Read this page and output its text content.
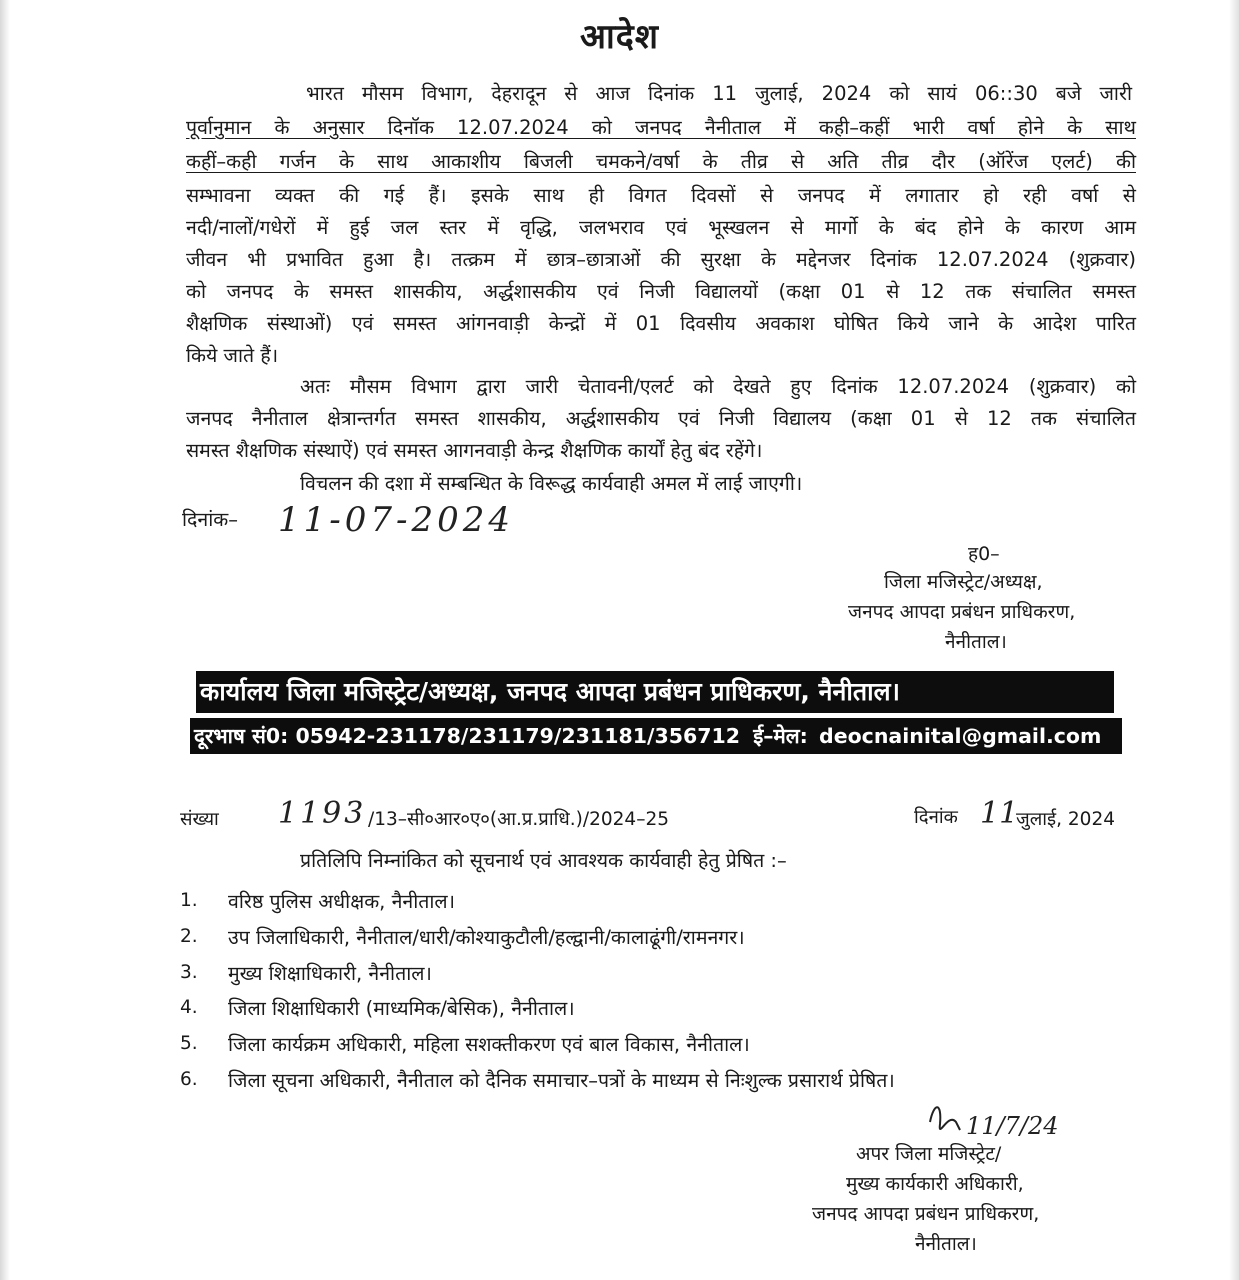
आदेश
भारत मौसम विभाग, देहरादून से आज दिनांक 11 जुलाई, 2024 को सायं 06::30 बजे जारी
पूर्वानुमान के अनुसार दिनॉक 12.07.2024 को जनपद नैनीताल में कही–कहीं भारी वर्षा होने के साथ
कहीं–कही गर्जन के साथ आकाशीय बिजली चमकने/वर्षा के तीव्र से अति तीव्र दौर (ऑरेंज एलर्ट) की
सम्भावना व्यक्त की गई हैं। इसके साथ ही विगत दिवसों से जनपद में लगातार हो रही वर्षा से
नदी/नालों/गधेरों में हुई जल स्तर में वृद्धि, जलभराव एवं भूस्खलन से मार्गो के बंद होने के कारण आम
जीवन भी प्रभावित हुआ है। तत्क्रम में छात्र–छात्राओं की सुरक्षा के मद्देनजर दिनांक 12.07.2024 (शुक्रवार)
को जनपद के समस्त शासकीय, अर्द्धशासकीय एवं निजी विद्यालयों (कक्षा 01 से 12 तक संचालित समस्त
शैक्षणिक संस्थाओं) एवं समस्त आंगनवाड़ी केन्द्रों में 01 दिवसीय अवकाश घोषित किये जाने के आदेश पारित
किये जाते हैं।
अतः मौसम विभाग द्वारा जारी चेतावनी/एलर्ट को देखते हुए दिनांक 12.07.2024 (शुक्रवार) को
जनपद नैनीताल क्षेत्रान्तर्गत समस्त शासकीय, अर्द्धशासकीय एवं निजी विद्यालय (कक्षा 01 से 12 तक संचालित
समस्त शैक्षणिक संस्थाऐं) एवं समस्त आगनवाड़ी केन्द्र शैक्षणिक कार्यों हेतु बंद रहेंगे।
विचलन की दशा में सम्बन्धित के विरूद्ध कार्यवाही अमल में लाई जाएगी।
दिनांक–	11-07-2024
ह0–
जिला मजिस्ट्रेट/अध्यक्ष,
जनपद आपदा प्रबंधन प्राधिकरण,
नैनीताल।
कार्यालय जिला मजिस्ट्रेट/अध्यक्ष, जनपद आपदा प्रबंधन प्राधिकरण, नैनीताल।
दूरभाष सं0: 05942-231178/231179/231181/356712 ई–मेल: deocnainital@gmail.com
संख्या 1193 /13–सी०आर०ए०(आ.प्र.प्राधि.)/2024–25	दिनांक 11
जुलाई, 2024
प्रतिलिपि निम्नांकित को सूचनार्थ एवं आवश्यक कार्यवाही हेतु प्रेषित :–
1. वरिष्ठ पुलिस अधीक्षक, नैनीताल।
2. उप जिलाधिकारी, नैनीताल/धारी/कोश्याकुटौली/हल्द्वानी/कालाढूंगी/रामनगर।
3. मुख्य शिक्षाधिकारी, नैनीताल।
4. जिला शिक्षाधिकारी (माध्यमिक/बेसिक), नैनीताल।
5. जिला कार्यक्रम अधिकारी, महिला सशक्तीकरण एवं बाल विकास, नैनीताल।
6. जिला सूचना अधिकारी, नैनीताल को दैनिक समाचार–पत्रों के माध्यम से निःशुल्क प्रसारार्थ प्रेषित।
11/7/24
अपर जिला मजिस्ट्रेट/
मुख्य कार्यकारी अधिकारी,
जनपद आपदा प्रबंधन प्राधिकरण,
नैनीताल।
